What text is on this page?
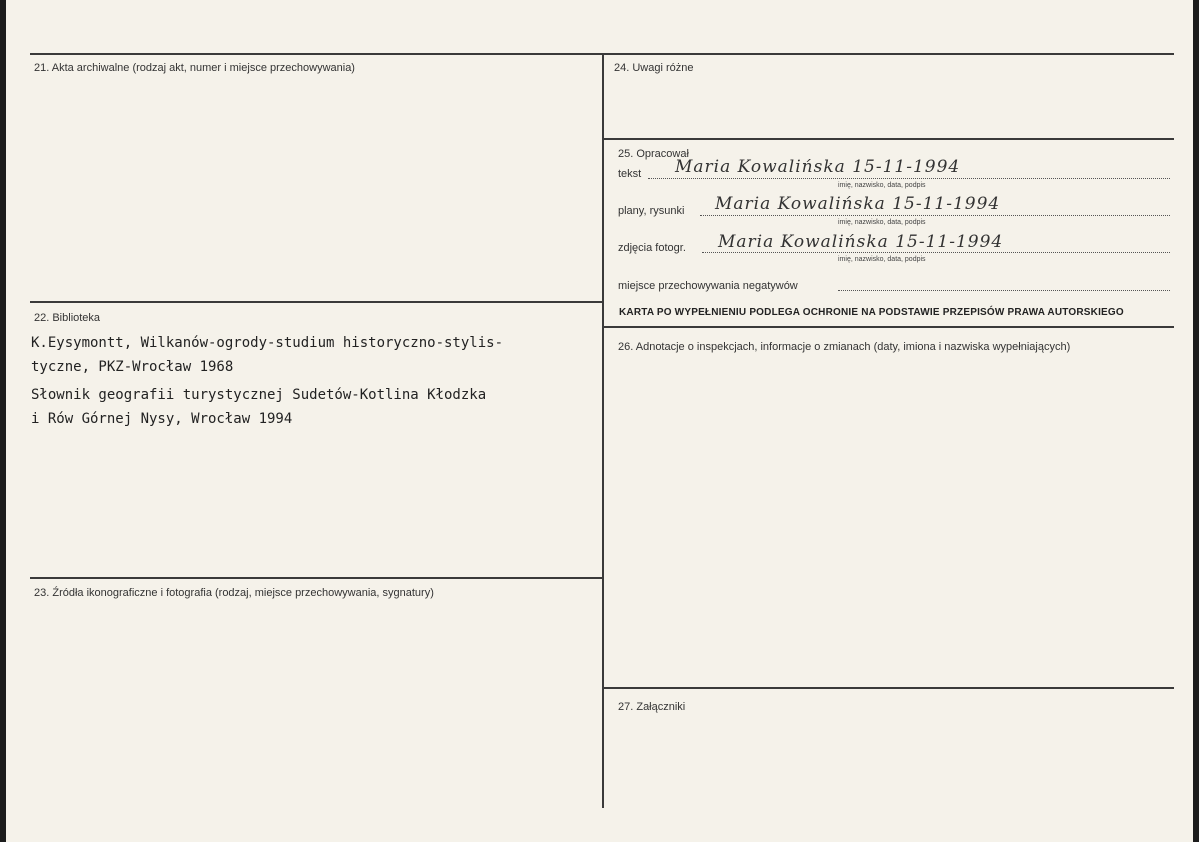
21. Akta archiwalne (rodzaj akt, numer i miejsce przechowywania)
22. Biblioteka
K.Eysymontt, Wilkanów-ogrody-studium historyczno-stylis-
tyczne, PKZ-Wrocław 1968
Słownik geografii turystycznej Sudetów-Kotlina Kłodzka
i Rów Górnej Nysy, Wrocław 1994
23. Źródła ikonograficzne i fotografia (rodzaj, miejsce przechowywania, sygnatury)
24. Uwagi różne
25. Opracował
tekst Maria Kowalińska 15-11-1994
imię, nazwisko, data, podpis
plany, rysunki Maria Kowalińska 15-11-1994
imię, nazwisko, data, podpis
zdjęcia fotogr. Maria Kowalińska 15-11-1994
imię, nazwisko, data, podpis
miejsce przechowywania negatywów
KARTA PO WYPEŁNIENIU PODLEGA OCHRONIE NA PODSTAWIE PRZEPISÓW PRAWA AUTORSKIEGO
26. Adnotacje o inspekcjach, informacje o zmianach (daty, imiona i nazwiska wypełniających)
27. Załączniki
